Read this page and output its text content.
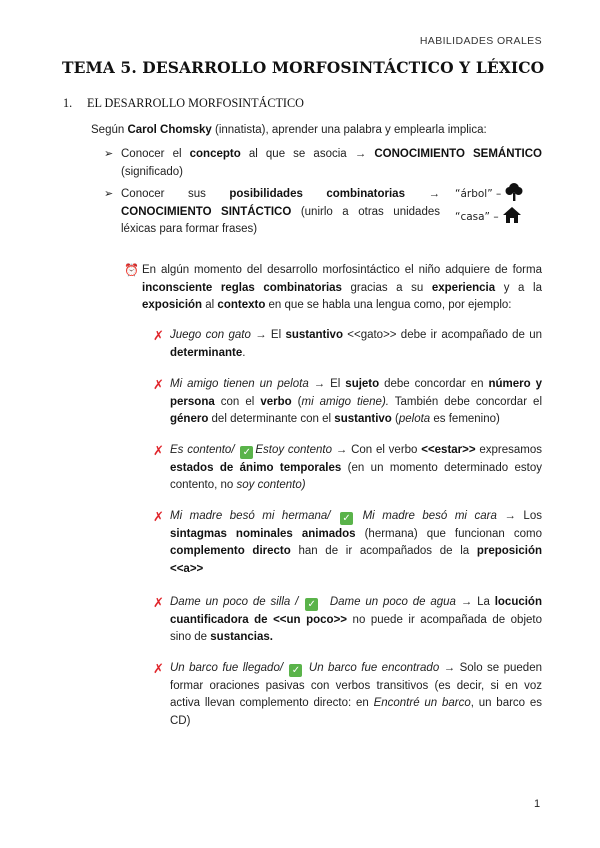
HABILIDADES ORALES
TEMA 5. DESARROLLO MORFOSINTÁCTICO Y LÉXICO
1. EL DESARROLLO MORFOSINTÁCTICO
Según Carol Chomsky (innatista), aprender una palabra y emplearla implica:
➢ Conocer el concepto al que se asocia → CONOCIMIENTO SEMÁNTICO (significado)
➢ Conocer sus posibilidades combinatorias → CONOCIMIENTO SINTÁCTICO (unirlo a otras unidades léxicas para formar frases)
“árbol” –
“casa” –
⏰ En algún momento del desarrollo morfosintáctico el niño adquiere de forma inconsciente reglas combinatorias gracias a su experiencia y a la exposición al contexto en que se habla una lengua como, por ejemplo:
✗ Juego con gato → El sustantivo <<gato>> debe ir acompañado de un determinante.
✗ Mi amigo tienen un pelota → El sujeto debe concordar en número y persona con el verbo (mi amigo tiene). También debe concordar el género del determinante con el sustantivo (pelota es femenino)
✗ Es contento/ ✓ Estoy contento → Con el verbo <<estar>> expresamos estados de ánimo temporales (en un momento determinado estoy contento, no soy contento)
✗ Mi madre besó mi hermana/ ✓ Mi madre besó mi cara → Los sintagmas nominales animados (hermana) que funcionan como complemento directo han de ir acompañados de la preposición <<a>>
✗ Dame un poco de silla / ✓ Dame un poco de agua → La locución cuantificadora de <<un poco>> no puede ir acompañada de objeto sino de sustancias.
✗ Un barco fue llegado/ ✓ Un barco fue encontrado → Solo se pueden formar oraciones pasivas con verbos transitivos (es decir, si en voz activa llevan complemento directo: en Encontré un barco, un barco es CD)
1
